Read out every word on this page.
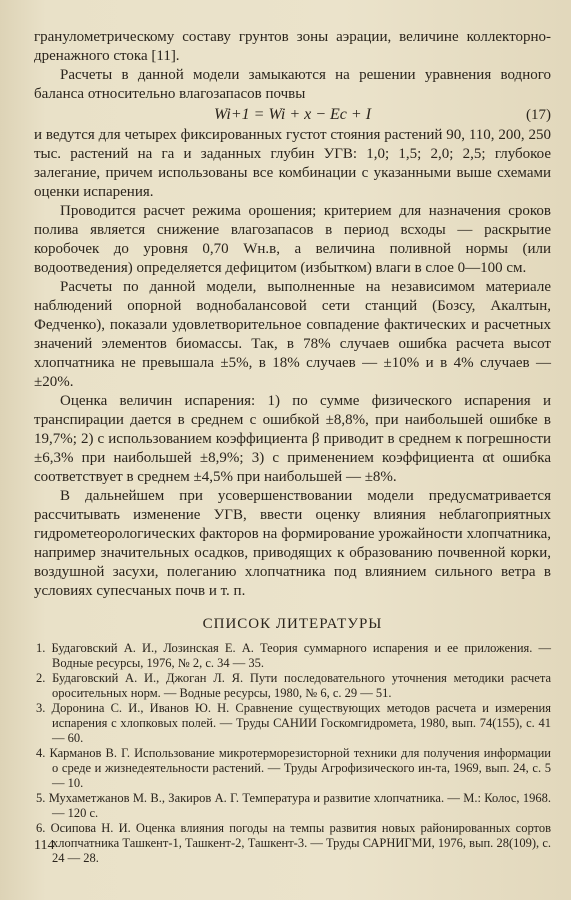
гранулометрическому составу грунтов зоны аэрации, величине коллекторно-дренажного стока [11].

Расчеты в данной модели замыкаются на решении уравнения водного баланса относительно влагозапасов почвы

Wi+1 = Wi + x − Ec + I	(17)

и ведутся для четырех фиксированных густот стояния растений 90, 110, 200, 250 тыс. растений на га и заданных глубин УГВ: 1,0; 1,5; 2,0; 2,5; глубокое залегание, причем использованы все комбинации с указанными выше схемами оценки испарения.

Проводится расчет режима орошения; критерием для назначения сроков полива является снижение влагозапасов в период всходы — раскрытие коробочек до уровня 0,70 Wн.в, а величина поливной нормы (или водоотведения) определяется дефицитом (избытком) влаги в слое 0—100 см.

Расчеты по данной модели, выполненные на независимом материале наблюдений опорной воднобалансовой сети станций (Бозсу, Акалтын, Федченко), показали удовлетворительное совпадение фактических и расчетных значений элементов биомассы. Так, в 78% случаев ошибка расчета высот хлопчатника не превышала ±5%, в 18% случаев — ±10% и в 4% случаев — ±20%.

Оценка величин испарения: 1) по сумме физического испарения и транспирации дается в среднем с ошибкой ±8,8%, при наибольшей ошибке в 19,7%; 2) с использованием коэффициента β приводит в среднем к погрешности ±6,3% при наибольшей ±8,9%; 3) с применением коэффициента αt ошибка соответствует в среднем ±4,5% при наибольшей — ±8%.

В дальнейшем при усовершенствовании модели предусматривается рассчитывать изменение УГВ, ввести оценку влияния неблагоприятных гидрометеорологических факторов на формирование урожайности хлопчатника, например значительных осадков, приводящих к образованию почвенной корки, воздушной засухи, полеганию хлопчатника под влиянием сильного ветра в условиях супесчаных почв и т. п.

СПИСОК ЛИТЕРАТУРЫ
1. Будаговский А. И., Лозинская Е. А. Теория суммарного испарения и ее приложения. — Водные ресурсы, 1976, № 2, с. 34 — 35.
2. Будаговский А. И., Джоган Л. Я. Пути последовательного уточнения методики расчета оросительных норм. — Водные ресурсы, 1980, № 6, с. 29 — 51.
3. Доронина С. И., Иванов Ю. Н. Сравнение существующих методов расчета и измерения испарения с хлопковых полей. — Труды САНИИ Госкомгидромета, 1980, вып. 74(155), с. 41 — 60.
4. Карманов В. Г. Использование микротерморезисторной техники для получения информации о среде и жизнедеятельности растений. — Труды Агрофизического ин-та, 1969, вып. 24, с. 5 — 10.
5. Мухаметжанов М. В., Закиров А. Г. Температура и развитие хлопчатника. — М.: Колос, 1968. — 120 с.
6. Осипова Н. И. Оценка влияния погоды на темпы развития новых районированных сортов хлопчатника Ташкент-1, Ташкент-2, Ташкент-3. — Труды САРНИГМИ, 1976, вып. 28(109), с. 24 — 28.
114
